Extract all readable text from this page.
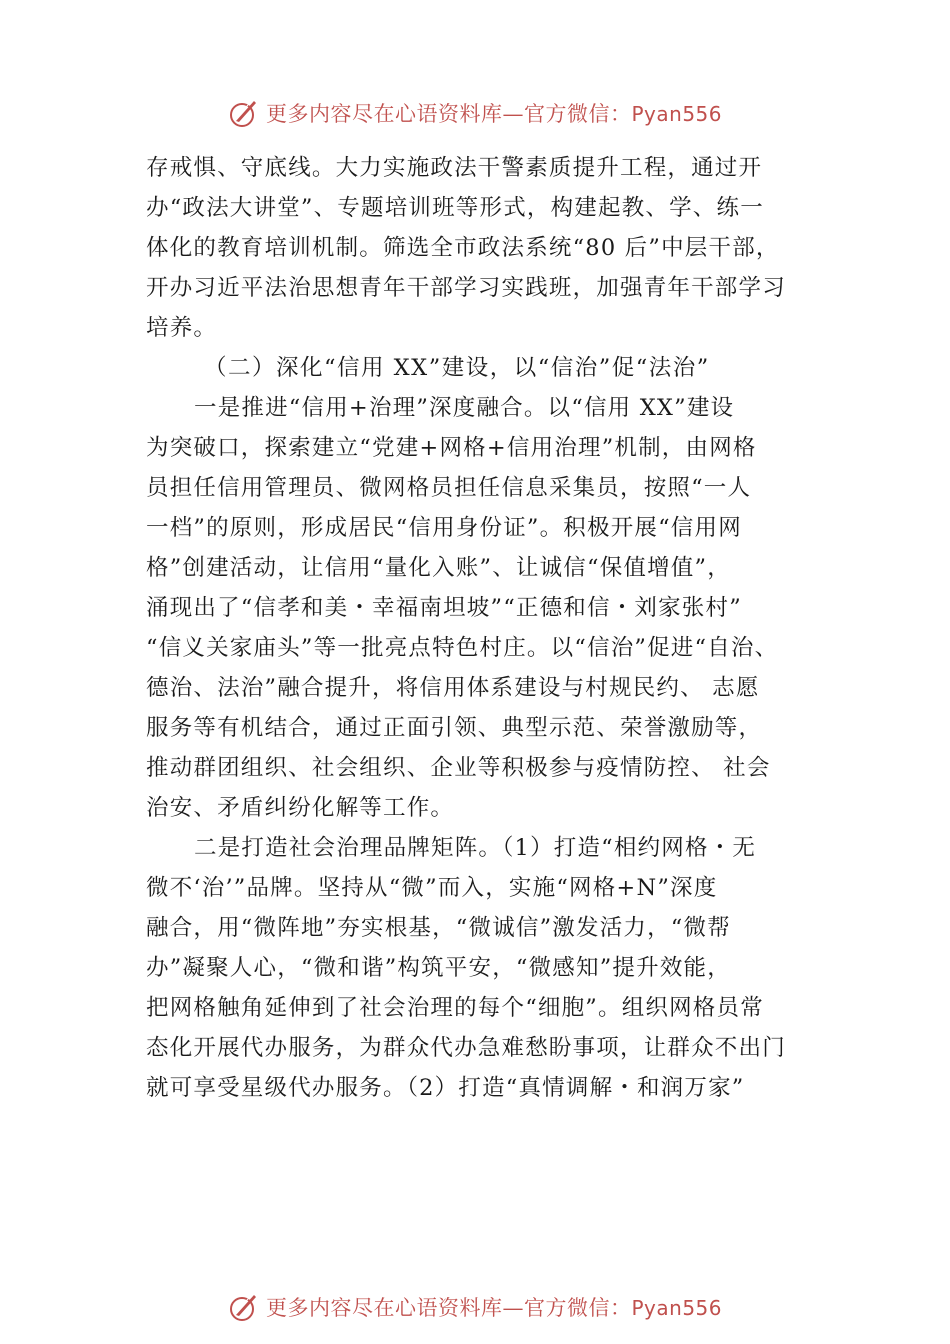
更多内容尽在心语资料库—官方微信：Pyan556
存戒惧、守底线。大力实施政法干警素质提升工程，通过开
办“政法大讲堂”、专题培训班等形式，构建起教、学、练一
体化的教育培训机制。筛选全市政法系统“80 后”中层干部，
开办习近平法治思想青年干部学习实践班，加强青年干部学习
培养。
（二）深化“信用 XX”建设，以“信治”促“法治”
一是推进“信用+治理”深度融合。以“信用 XX”建设
为突破口，探索建立“党建+网格+信用治理”机制，由网格
员担任信用管理员、微网格员担任信息采集员，按照“一人
一档”的原则，形成居民“信用身份证”。积极开展“信用网
格”创建活动，让信用“量化入账”、让诚信“保值增值”，
涌现出了“信孝和美・幸福南坦坡”“正德和信・刘家张村”
“信义关家庙头”等一批亮点特色村庄。以“信治”促进“自治、
德治、法治”融合提升，将信用体系建设与村规民约、 志愿
服务等有机结合，通过正面引领、典型示范、荣誉激励等，
推动群团组织、社会组织、企业等积极参与疫情防控、 社会
治安、矛盾纠纷化解等工作。
二是打造社会治理品牌矩阵。（1）打造“相约网格・无
微不‘治’”品牌。坚持从“微”而入，实施“网格+N”深度
融合，用“微阵地”夯实根基，“微诚信”激发活力，“微帮
办”凝聚人心，“微和谐”构筑平安，“微感知”提升效能，
把网格触角延伸到了社会治理的每个“细胞”。组织网格员常
态化开展代办服务，为群众代办急难愁盼事项，让群众不出门
就可享受星级代办服务。（2）打造“真情调解・和润万家”
更多内容尽在心语资料库—官方微信：Pyan556
